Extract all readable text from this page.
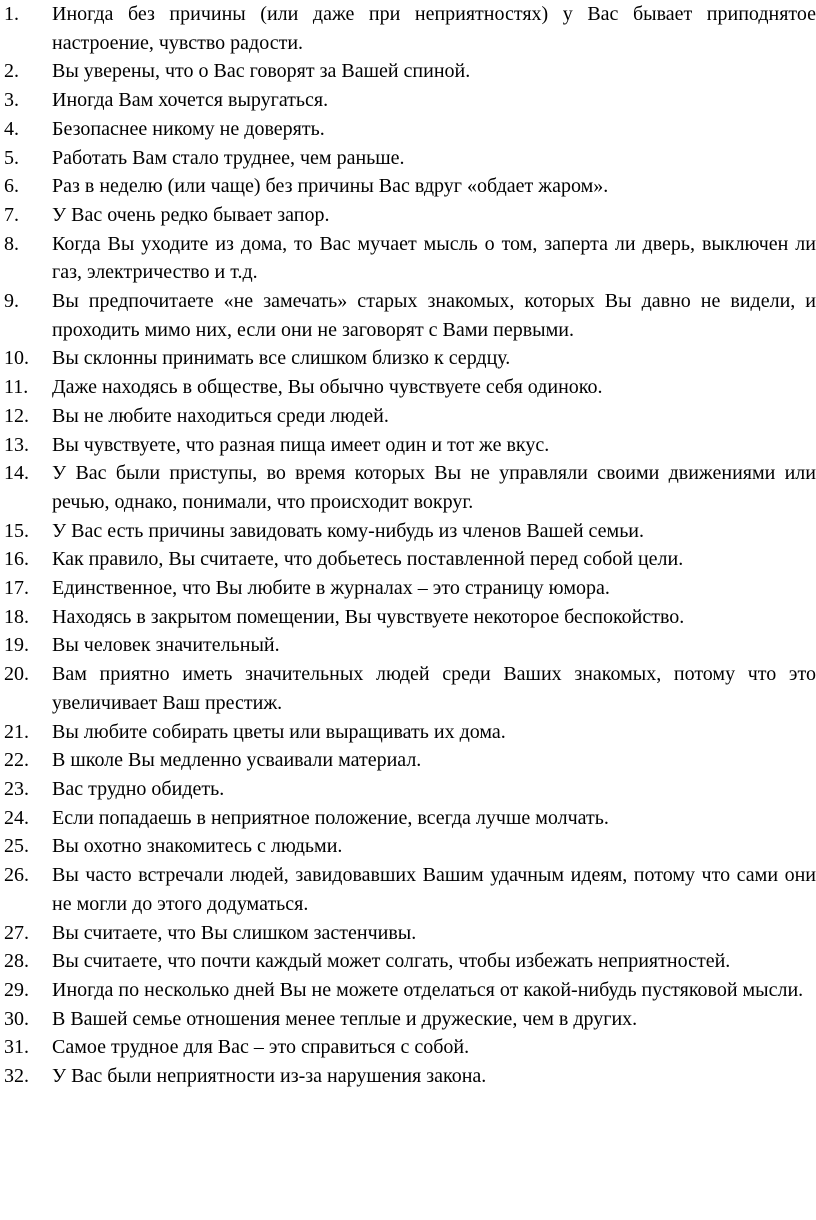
1.	Иногда без причины (или даже при неприятностях) у Вас бывает приподнятое настроение, чувство радости.
2.	Вы уверены, что о Вас говорят за Вашей спиной.
3.	Иногда Вам хочется выругаться.
4.	Безопаснее никому не доверять.
5.	Работать Вам стало труднее, чем раньше.
6.	Раз в неделю (или чаще) без причины Вас вдруг «обдает жаром».
7.	У Вас очень редко бывает запор.
8.	Когда Вы уходите из дома, то Вас мучает мысль о том, заперта ли дверь, выключен ли газ, электричество и т.д.
9.	Вы предпочитаете «не замечать» старых знакомых, которых Вы давно не видели, и проходить мимо них, если они не заговорят с Вами первыми.
10.	Вы склонны принимать все слишком близко к сердцу.
11.	Даже находясь в обществе, Вы обычно чувствуете себя одиноко.
12.	Вы не любите находиться среди людей.
13.	Вы чувствуете, что разная пища имеет один и тот же вкус.
14.	У Вас были приступы, во время которых Вы не управляли своими движениями или речью, однако, понимали, что происходит вокруг.
15.	У Вас есть причины завидовать кому-нибудь из членов Вашей семьи.
16.	Как правило, Вы считаете, что добьетесь поставленной перед собой цели.
17.	Единственное, что Вы любите в журналах – это страницу юмора.
18.	Находясь в закрытом помещении, Вы чувствуете некоторое беспокойство.
19.	Вы человек значительный.
20.	Вам приятно иметь значительных людей среди Ваших знакомых, потому что это увеличивает Ваш престиж.
21.	Вы любите собирать цветы или выращивать их дома.
22.	В школе Вы медленно усваивали материал.
23.	Вас трудно обидеть.
24.	Если попадаешь в неприятное положение, всегда лучше молчать.
25.	Вы охотно знакомитесь с людьми.
26.	Вы часто встречали людей, завидовавших Вашим удачным идеям, потому что сами они не могли до этого додуматься.
27.	Вы считаете, что Вы слишком застенчивы.
28.	Вы считаете, что почти каждый может солгать, чтобы избежать неприятностей.
29.	Иногда по несколько дней Вы не можете отделаться от какой-нибудь пустяковой мысли.
30.	В Вашей семье отношения менее теплые и дружеские, чем в других.
31.	Самое трудное для Вас – это справиться с собой.
32.	У Вас были неприятности из-за нарушения закона.
